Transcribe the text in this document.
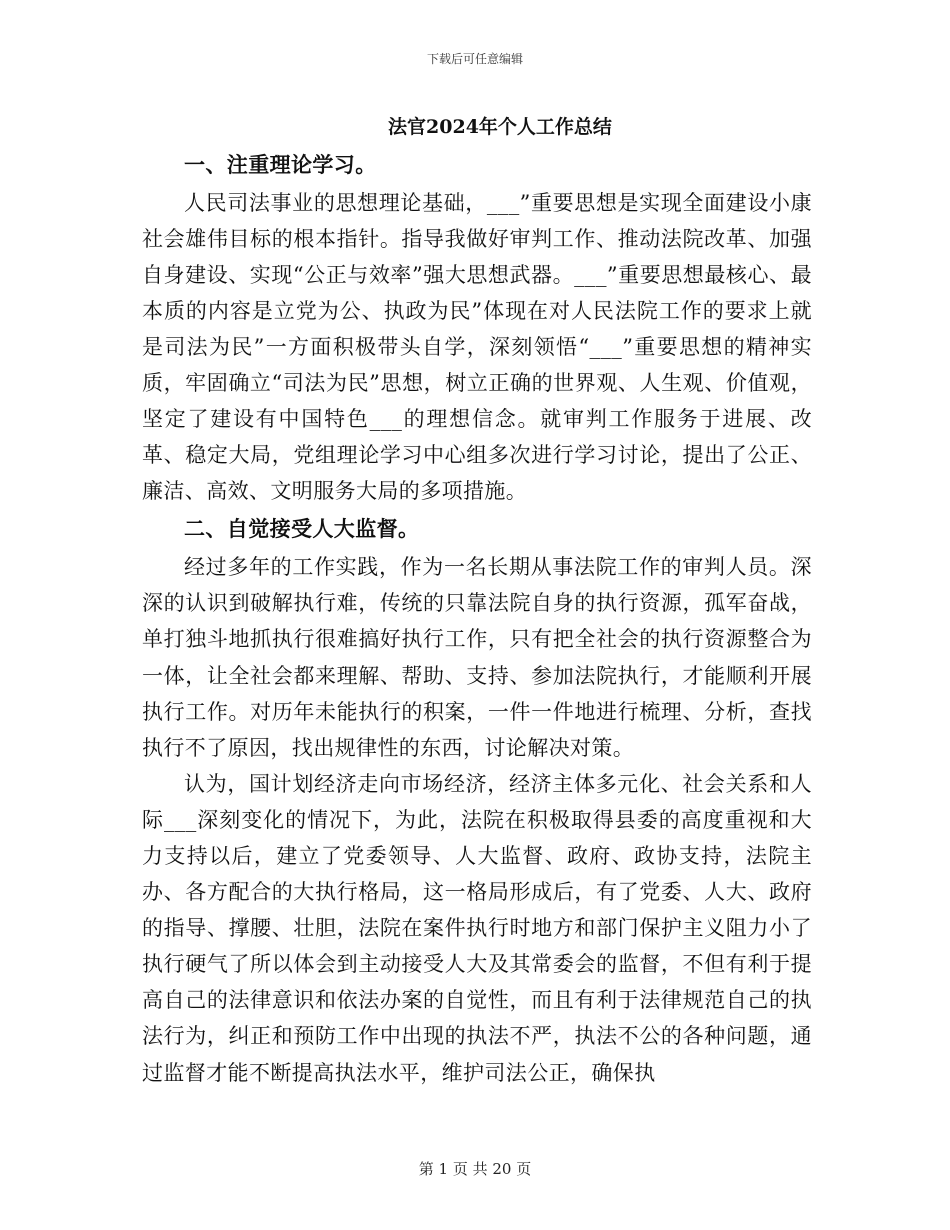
下载后可任意编辑
法官2024年个人工作总结

一、注重理论学习。

人民司法事业的思想理论基础，___”重要思想是实现全面建设小康社会雄伟目标的根本指针。指导我做好审判工作、推动法院改革、加强自身建设、实现“公正与效率”强大思想武器。___”重要思想最核心、最本质的内容是立党为公、执政为民”体现在对人民法院工作的要求上就是司法为民”一方面积极带头自学，深刻领悟“___”重要思想的精神实质，牢固确立“司法为民”思想，树立正确的世界观、人生观、价值观，坚定了建设有中国特色___的理想信念。就审判工作服务于进展、改革、稳定大局，党组理论学习中心组多次进行学习讨论，提出了公正、廉洁、高效、文明服务大局的多项措施。

二、自觉接受人大监督。

经过多年的工作实践，作为一名长期从事法院工作的审判人员。深深的认识到破解执行难，传统的只靠法院自身的执行资源，孤军奋战，单打独斗地抓执行很难搞好执行工作，只有把全社会的执行资源整合为一体，让全社会都来理解、帮助、支持、参加法院执行，才能顺利开展执行工作。对历年未能执行的积案，一件一件地进行梳理、分析，查找执行不了原因，找出规律性的东西，讨论解决对策。

认为，国计划经济走向市场经济，经济主体多元化、社会关系和人际___深刻变化的情况下，为此，法院在积极取得县委的高度重视和大力支持以后，建立了党委领导、人大监督、政府、政协支持，法院主办、各方配合的大执行格局，这一格局形成后，有了党委、人大、政府的指导、撑腰、壮胆，法院在案件执行时地方和部门保护主义阻力小了执行硬气了所以体会到主动接受人大及其常委会的监督，不但有利于提高自己的法律意识和依法办案的自觉性，而且有利于法律规范自己的执法行为，纠正和预防工作中出现的执法不严，执法不公的各种问题，通过监督才能不断提高执法水平，维护司法公正，确保执

第 1 页 共 20 页
